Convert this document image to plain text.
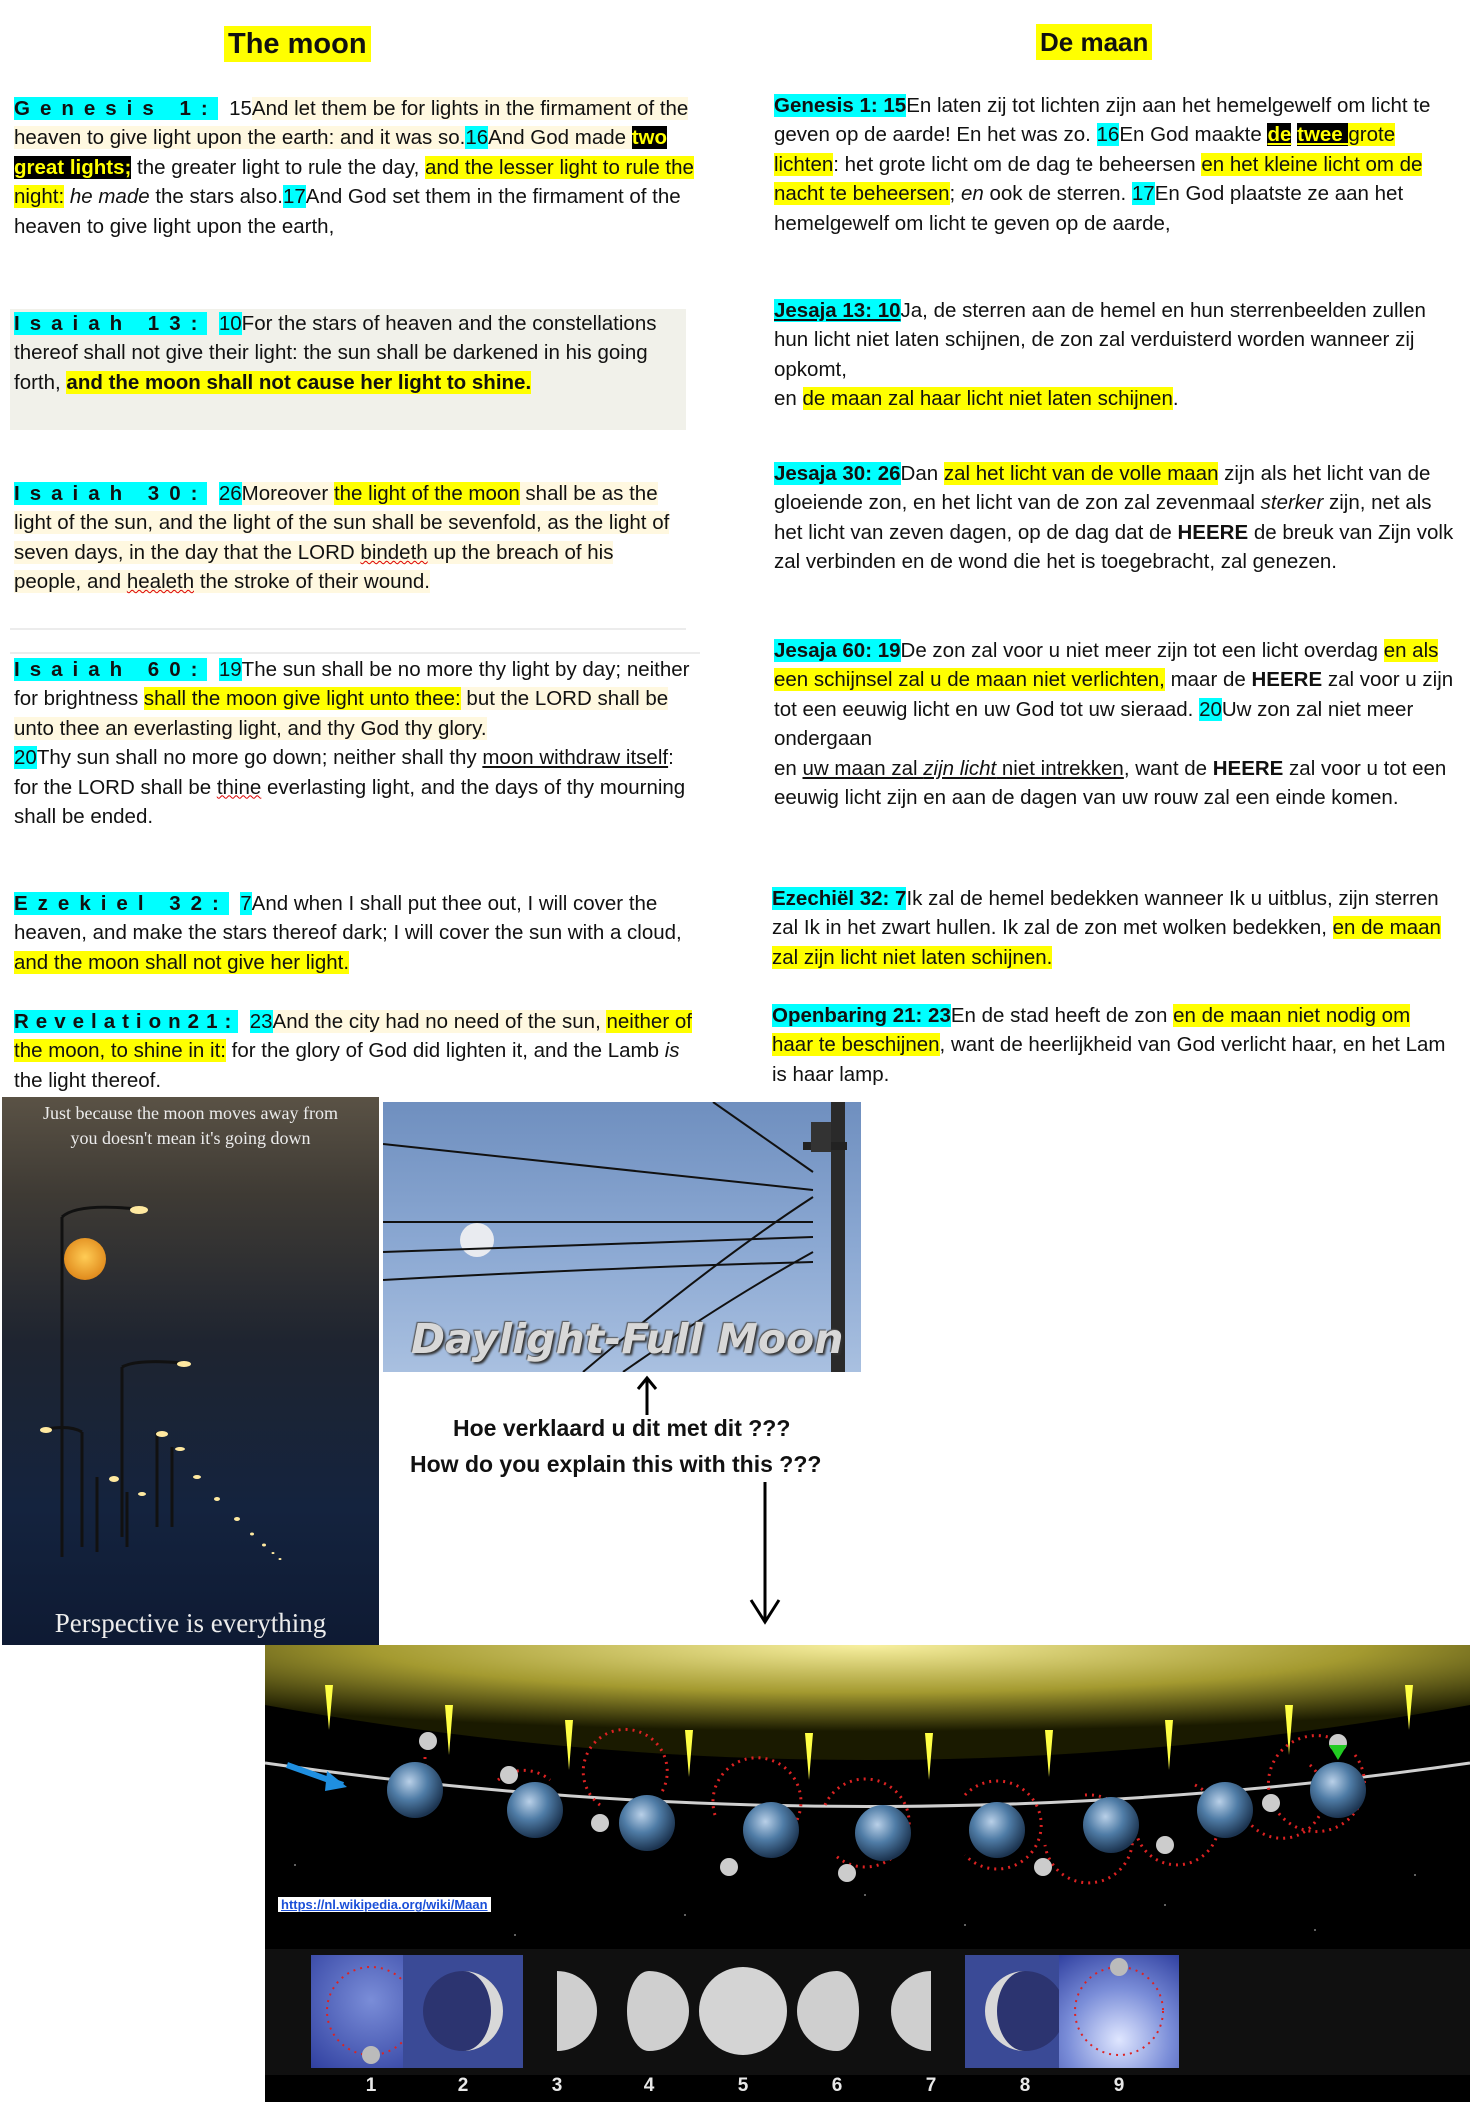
The moon	De maan

Genesis 1: 15And let them be for lights in the firmament of the heaven to give light upon the earth: and it was so.16And God made two great lights; the greater light to rule the day, and the lesser light to rule the night: he made the stars also.17And God set them in the firmament of the heaven to give light upon the earth,

Isaiah 13: 10For the stars of heaven and the constellations thereof shall not give their light: the sun shall be darkened in his going forth, and the moon shall not cause her light to shine.

Isaiah 30: 26Moreover the light of the moon shall be as the light of the sun, and the light of the sun shall be sevenfold, as the light of seven days, in the day that the LORD bindeth up the breach of his people, and healeth the stroke of their wound.

Isaiah 60: 19The sun shall be no more thy light by day; neither for brightness shall the moon give light unto thee: but the LORD shall be unto thee an everlasting light, and thy God thy glory.
20Thy sun shall no more go down; neither shall thy moon withdraw itself: for the LORD shall be thine everlasting light, and the days of thy mourning shall be ended.

Ezekiel 32: 7And when I shall put thee out, I will cover the heaven, and make the stars thereof dark; I will cover the sun with a cloud, and the moon shall not give her light.

Revelation21: 23And the city had no need of the sun, neither of the moon, to shine in it: for the glory of God did lighten it, and the Lamb is the light thereof.

Genesis 1: 15En laten zij tot lichten zijn aan het hemelgewelf om licht te geven op de aarde! En het was zo. 16En God maakte de twee grote lichten: het grote licht om de dag te beheersen en het kleine licht om de nacht te beheersen; en ook de sterren. 17En God plaatste ze aan het hemelgewelf om licht te geven op de aarde,

Jesaja 13: 10Ja, de sterren aan de hemel en hun sterrenbeelden zullen hun licht niet laten schijnen, de zon zal verduisterd worden wanneer zij opkomt,
en de maan zal haar licht niet laten schijnen.

Jesaja 30: 26Dan zal het licht van de volle maan zijn als het licht van de gloeiende zon, en het licht van de zon zal zevenmaal sterker zijn, net als het licht van zeven dagen, op de dag dat de HEERE de breuk van Zijn volk zal verbinden en de wond die het is toegebracht, zal genezen.

Jesaja 60: 19De zon zal voor u niet meer zijn tot een licht overdag en als een schijnsel zal u de maan niet verlichten, maar de HEERE zal voor u zijn tot een eeuwig licht en uw God tot uw sieraad. 20Uw zon zal niet meer ondergaan
en uw maan zal zijn licht niet intrekken, want de HEERE zal voor u tot een eeuwig licht zijn en aan de dagen van uw rouw zal een einde komen.

Ezechiël 32: 7Ik zal de hemel bedekken wanneer Ik u uitblus, zijn sterren zal Ik in het zwart hullen. Ik zal de zon met wolken bedekken, en de maan zal zijn licht niet laten schijnen.

Openbaring 21: 23En de stad heeft de zon en de maan niet nodig om haar te beschijnen, want de heerlijkheid van God verlicht haar, en het Lam is haar lamp.

Just because the moon moves away from you doesn't mean it's going down
Perspective is everything
Daylight-Full Moon
Hoe verklaard u dit met dit ???
How do you explain this with this ???
https://nl.wikipedia.org/wiki/Maan
1	2	3	4	5	6	7	8	9
